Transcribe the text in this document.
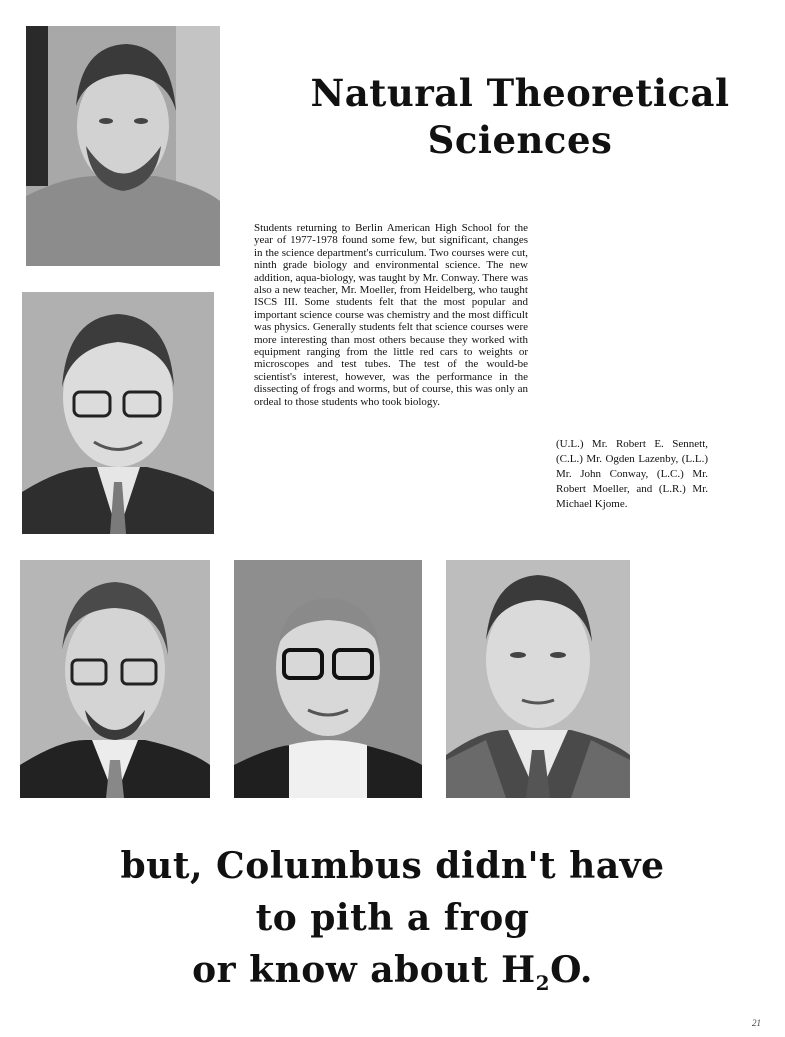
Natural Theoretical
Sciences
Students returning to Berlin American High School for the year of 1977-1978 found some few, but significant, changes in the science department's curriculum. Two courses were cut, ninth grade biology and environmental science. The new addition, aqua-biology, was taught by Mr. Conway. There was also a new teacher, Mr. Moeller, from Heidelberg, who taught ISCS III. Some students felt that the most popular and important science course was chemistry and the most difficult was physics. Generally students felt that science courses were more interesting than most others because they worked with equipment ranging from the little red cars to weights or microscopes and test tubes. The test of the would-be scientist's interest, however, was the performance in the dissecting of frogs and worms, but of course, this was only an ordeal to those students who took biology.
(U.L.) Mr. Robert E. Sennett, (C.L.) Mr. Ogden Lazenby, (L.L.) Mr. John Conway, (L.C.) Mr. Robert Moeller, and (L.R.) Mr. Michael Kjome.
but, Columbus didn't have
to pith a frog
or know about $H_2O$.
21
